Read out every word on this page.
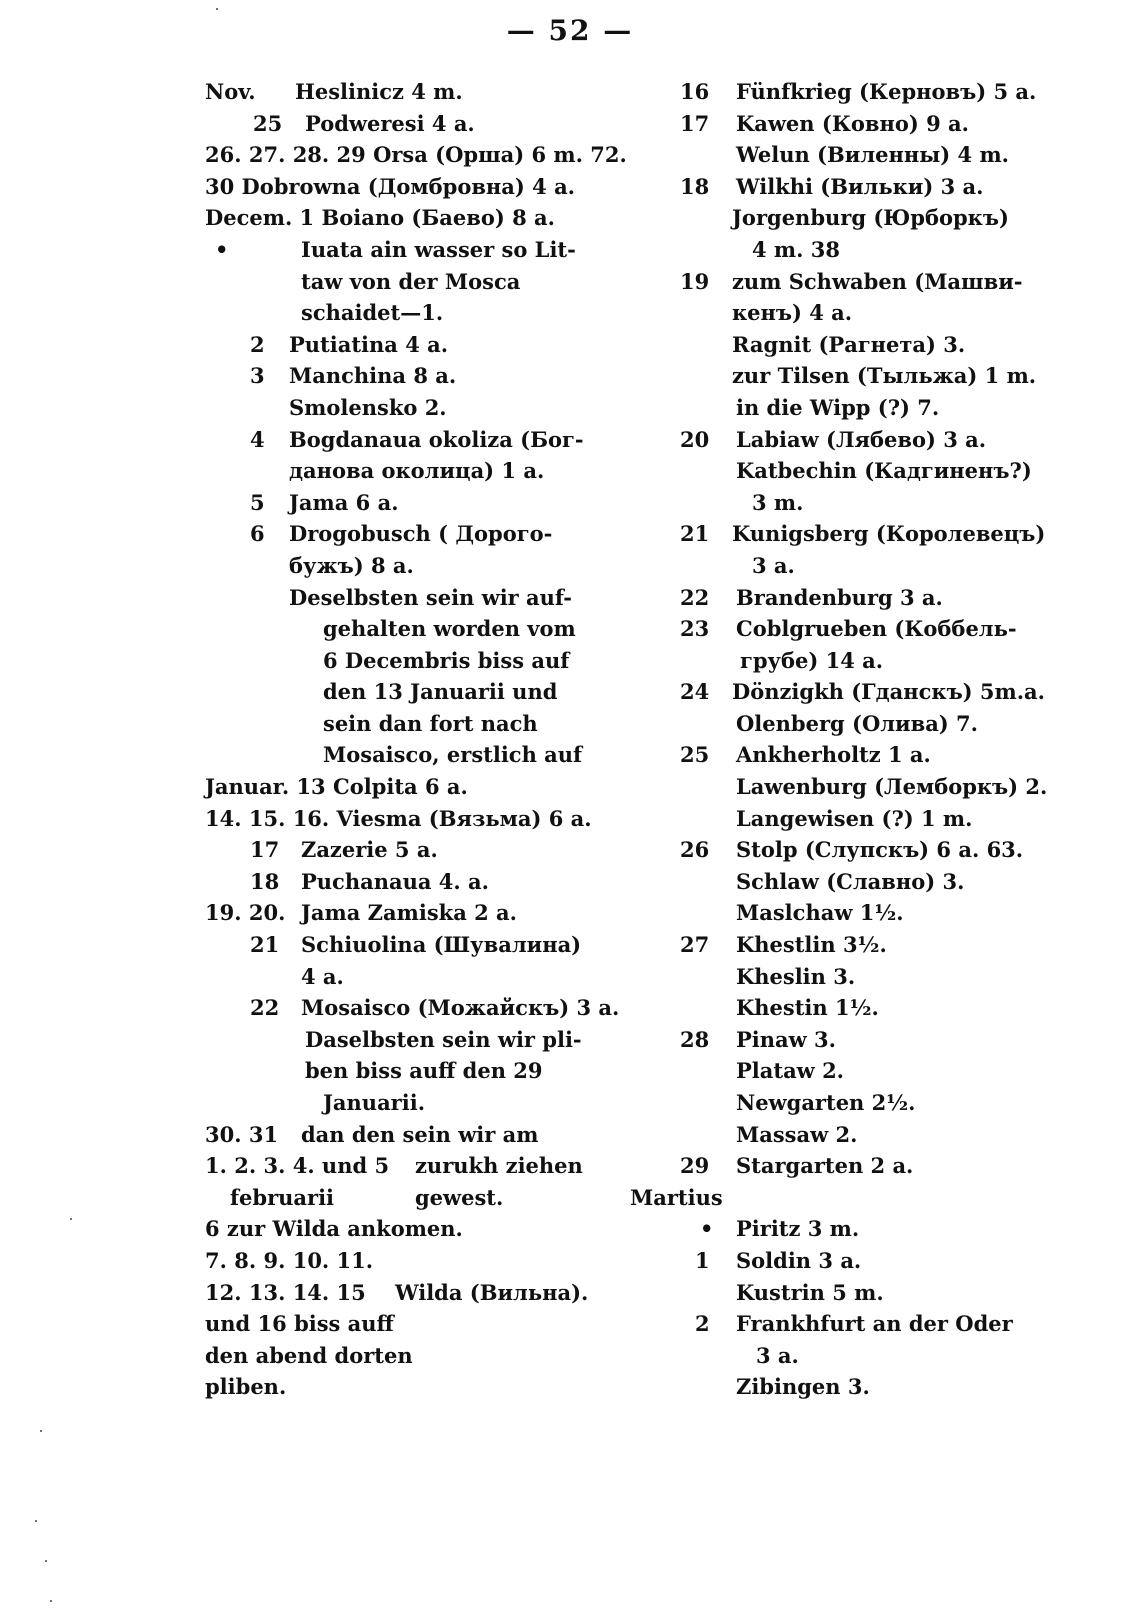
— 52 —
Nov. Heslinicz 4 m.
25 Podweresi 4 a.
26. 27. 28. 29 Orsa (Орша) 6 m. 72.
30 Dobrowna (Домбровна) 4 a.
Decem. 1 Boiano (Баево) 8 a.
•	Iuata ain wasser so Lit-
taw von der Mosca
schaidet—1.
2 Putiatina 4 a.
3 Manchina 8 a.
Smolensko 2.
4 Bogdanaua okoliza (Бог-
данова околица) 1 a.
5 Jama 6 a.
6 Drogobusch ( Дорого-
бужъ) 8 a.
Deselbsten sein wir auf-
gehalten worden vom
6 Decembris biss auf
den 13 Januarii und
sein dan fort nach
Mosaisco, erstlich auf
Januar. 13 Colpita 6 a.
14. 15. 16. Viesma (Вязьма) 6 a.
17 Zazerie 5 a.
18 Puchanaua 4. a.
19. 20. Jama Zamiska 2 a.
21 Schiuolina (Шувалина)
4 a.
22 Mosaisco (Можайскъ) 3 a.
Daselbsten sein wir pli-
ben biss auff den 29
Januarii.
30. 31 dan den sein wir am
1. 2. 3. 4. und 5 zurukh ziehen
februarii	gewest.
6 zur Wilda ankomen.
7. 8. 9. 10. 11.
12. 13. 14. 15 Wilda (Вильна).
und 16 biss auff
den abend dorten
pliben.
16 Fünfkrieg (Керновъ) 5 a.
17 Kawen (Ковно) 9 a.
Welun (Виленны) 4 m.
18 Wilkhi (Вильки) 3 a.
Jorgenburg (Юрборкъ)
4 m. 38
19 zum Schwaben (Машви-
кенъ) 4 a.
Ragnit (Рагнета) 3.
zur Tilsen (Тыльжа) 1 m.
in die Wipp (?) 7.
20 Labiaw (Лябево) 3 a.
Katbechin (Кадгиненъ?)
3 m.
21 Kunigsberg (Королевецъ)
3 a.
22 Brandenburg 3 a.
23 Coblgrueben (Коббель-
грубе) 14 a.
24 Dönzigkh (Гданскъ) 5m.a.
Olenberg (Олива) 7.
25 Ankherholtz 1 a.
Lawenburg (Лемборкъ) 2.
Langewisen (?) 1 m.
26 Stolp (Слупскъ) 6 a. 63.
Schlaw (Славно) 3.
Maslchaw 1½.
27 Khestlin 3½.
Kheslin 3.
Khestin 1½.
28 Pinaw 3.
Plataw 2.
Newgarten 2½.
Massaw 2.
29 Stargarten 2 a.
Martius
• Piritz 3 m.
1 Soldin 3 a.
Kustrin 5 m.
2 Frankhfurt an der Oder
3 a.
Zibingen 3.
